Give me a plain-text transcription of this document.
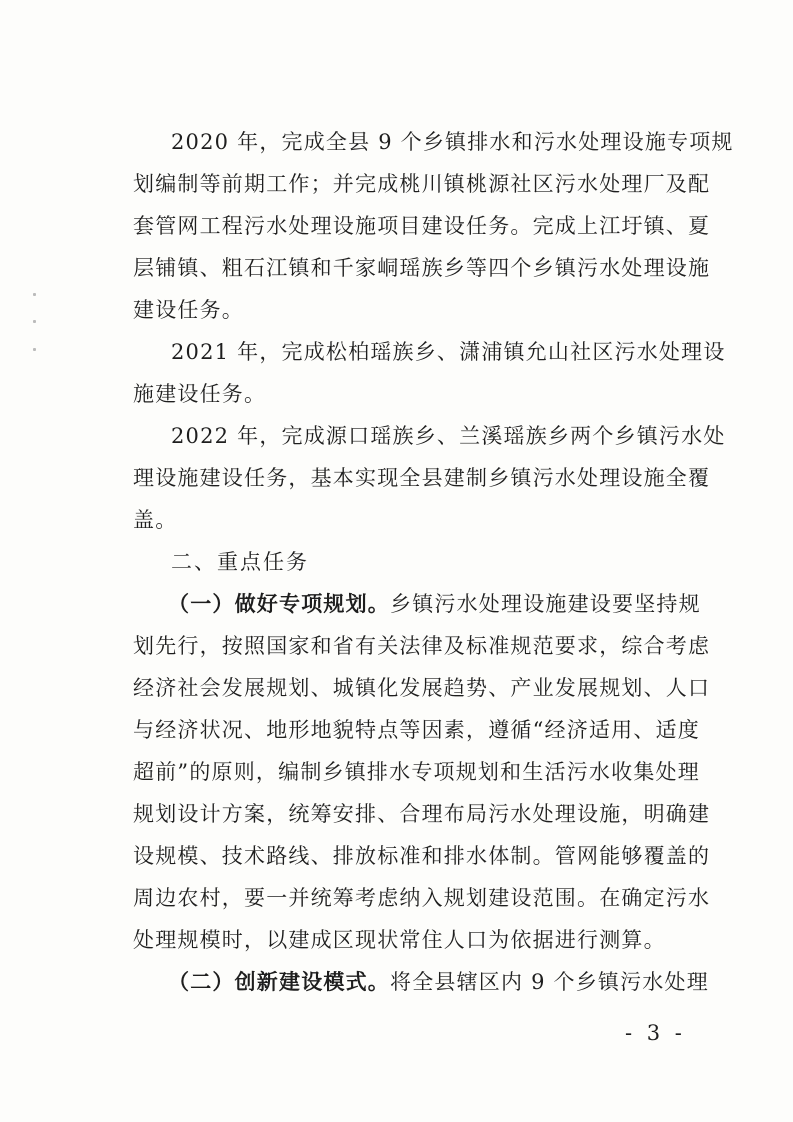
2020 年，完成全县 9 个乡镇排水和污水处理设施专项规
划编制等前期工作；并完成桃川镇桃源社区污水处理厂及配
套管网工程污水处理设施项目建设任务。完成上江圩镇、夏
层铺镇、粗石江镇和千家峒瑶族乡等四个乡镇污水处理设施
建设任务。
2021 年，完成松柏瑶族乡、潇浦镇允山社区污水处理设
施建设任务。
2022 年，完成源口瑶族乡、兰溪瑶族乡两个乡镇污水处
理设施建设任务，基本实现全县建制乡镇污水处理设施全覆
盖。
二、重点任务
（一）做好专项规划。乡镇污水处理设施建设要坚持规
划先行，按照国家和省有关法律及标准规范要求，综合考虑
经济社会发展规划、城镇化发展趋势、产业发展规划、人口
与经济状况、地形地貌特点等因素，遵循“经济适用、适度
超前”的原则，编制乡镇排水专项规划和生活污水收集处理
规划设计方案，统筹安排、合理布局污水处理设施，明确建
设规模、技术路线、排放标准和排水体制。管网能够覆盖的
周边农村，要一并统筹考虑纳入规划建设范围。在确定污水
处理规模时，以建成区现状常住人口为依据进行测算。
（二）创新建设模式。将全县辖区内 9 个乡镇污水处理
- 3 -
